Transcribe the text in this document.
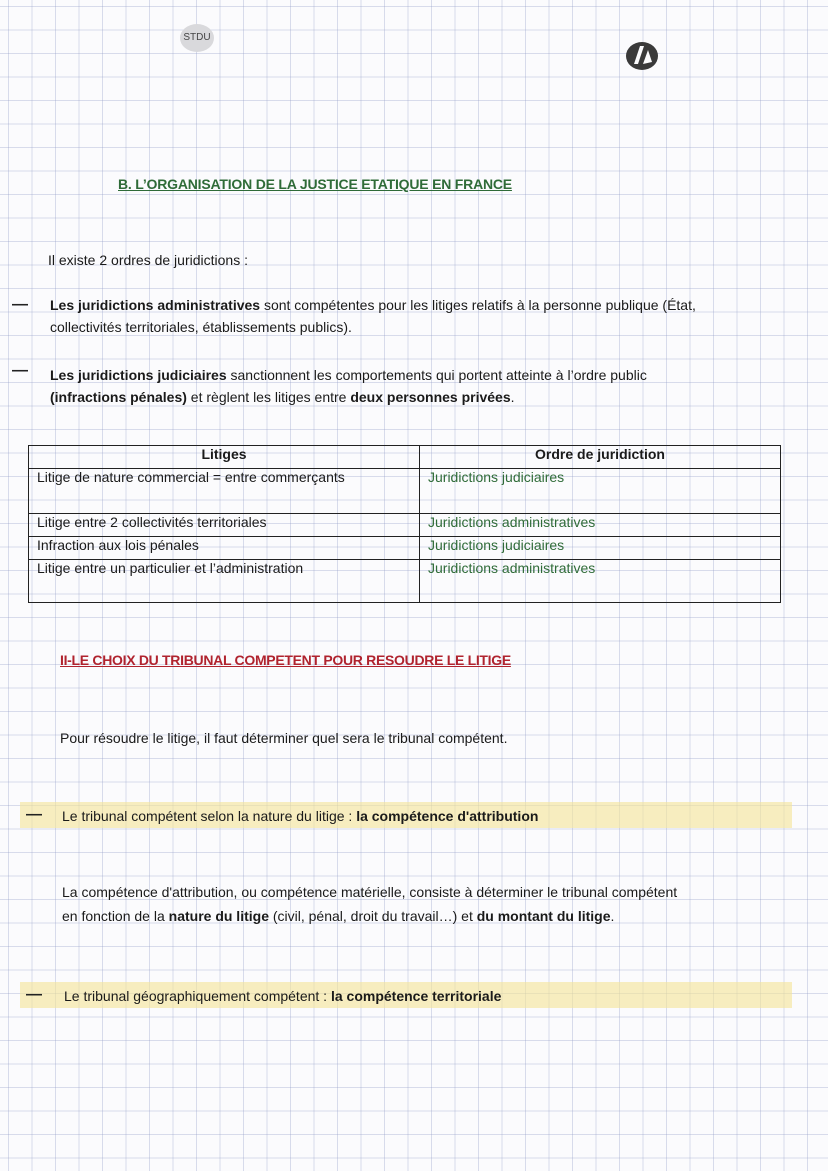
STDU
B. L’ORGANISATION DE LA JUSTICE ETATIQUE EN FRANCE
Il existe 2 ordres de juridictions :
— Les juridictions administratives sont compétentes pour les litiges relatifs à la personne publique (État,
collectivités territoriales, établissements publics).
— Les juridictions judiciaires sanctionnent les comportements qui portent atteinte à l’ordre public
(infractions pénales) et règlent les litiges entre deux personnes privées.
Litiges	Ordre de juridiction
Litige de nature commercial = entre commerçants	Juridictions judiciaires
Litige entre 2 collectivités territoriales	Juridictions administratives
Infraction aux lois pénales	Juridictions judiciaires
Litige entre un particulier et l’administration	Juridictions administratives
II-LE CHOIX DU TRIBUNAL COMPETENT POUR RESOUDRE LE LITIGE
Pour résoudre le litige, il faut déterminer quel sera le tribunal compétent.
— Le tribunal compétent selon la nature du litige : la compétence d'attribution
La compétence d'attribution, ou compétence matérielle, consiste à déterminer le tribunal compétent
en fonction de la nature du litige (civil, pénal, droit du travail…) et du montant du litige.
— Le tribunal géographiquement compétent : la compétence territoriale
